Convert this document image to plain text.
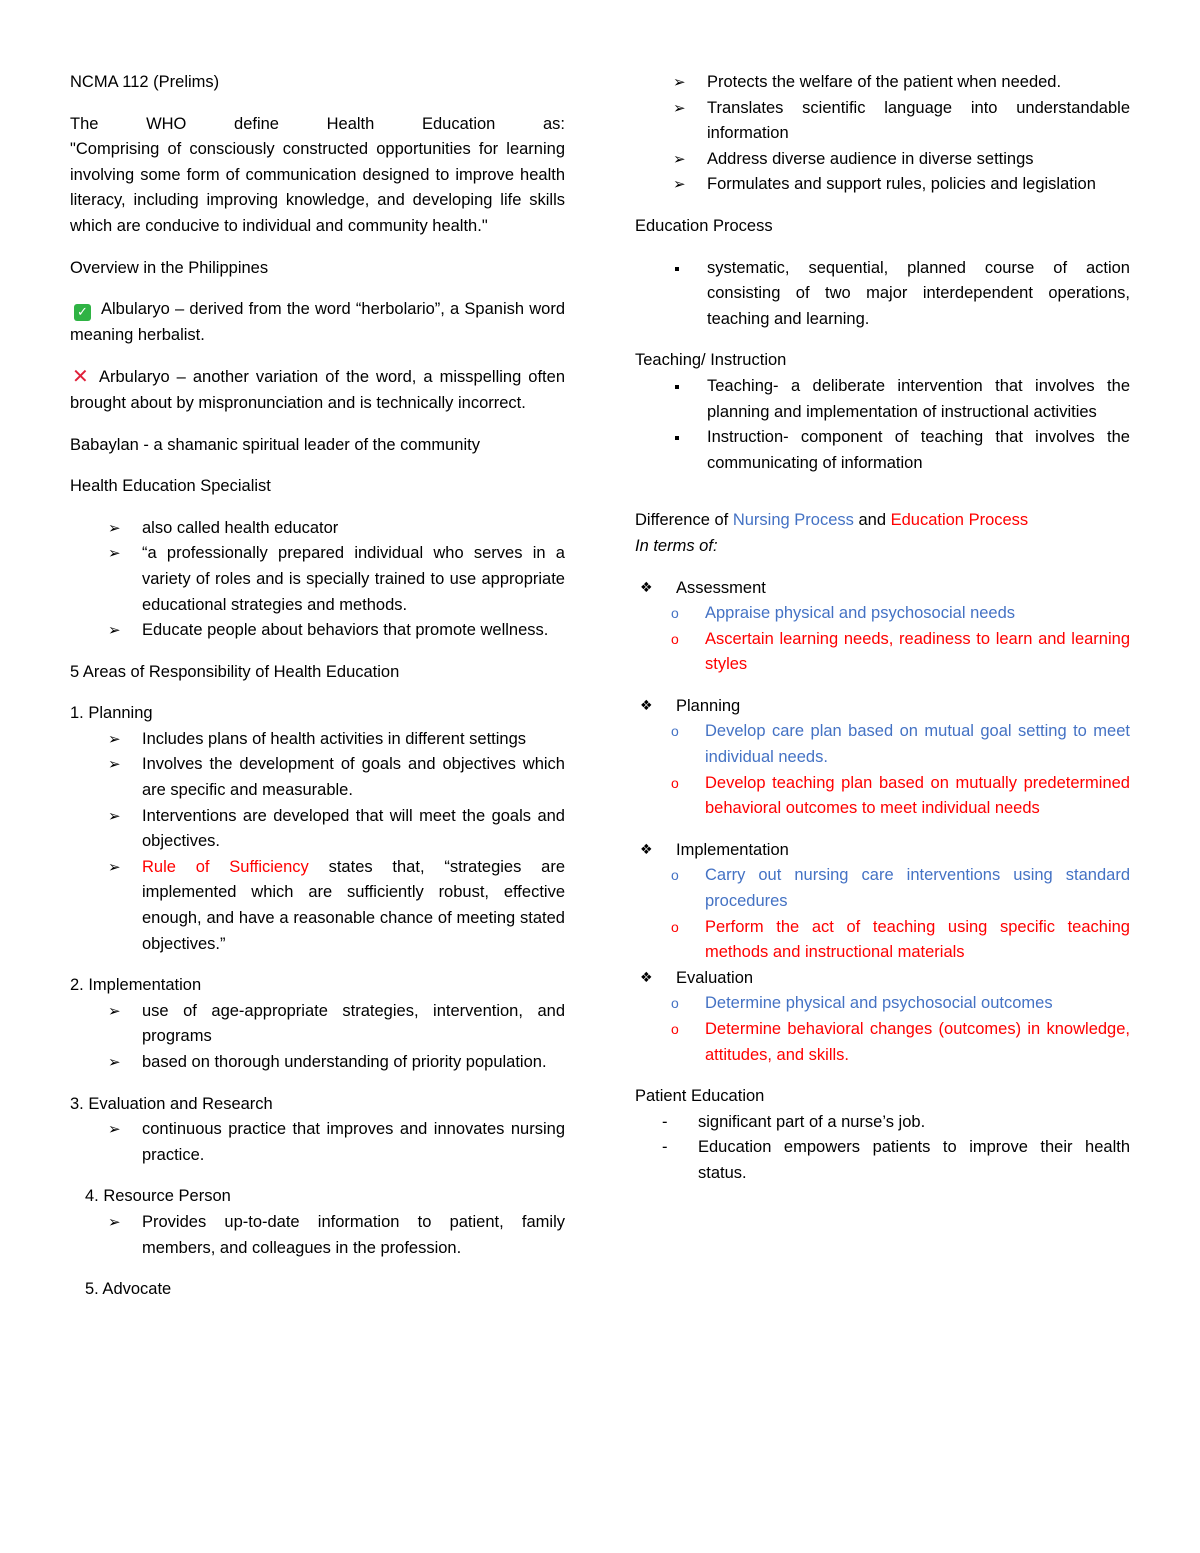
NCMA 112 (Prelims)

The WHO define Health Education as:

"Comprising of consciously constructed opportunities for learning involving some form of communication designed to improve health literacy, including improving knowledge, and developing life skills which are conducive to individual and community health."

Overview in the Philippines

✓ Albularyo – derived from the word “herbolario”, a Spanish word meaning herbalist.

✕ Arbularyo – another variation of the word, a misspelling often brought about by mispronunciation and is technically incorrect.

Babaylan - a shamanic spiritual leader of the community

Health Education Specialist

➢ also called health educator
➢ “a professionally prepared individual who serves in a variety of roles and is specially trained to use appropriate educational strategies and methods.
➢ Educate people about behaviors that promote wellness.

5 Areas of Responsibility of Health Education

1. Planning

➢ Includes plans of health activities in different settings
➢ Involves the development of goals and objectives which are specific and measurable.
➢ Interventions are developed that will meet the goals and objectives.
➢ Rule of Sufficiency states that, “strategies are implemented which are sufficiently robust, effective enough, and have a reasonable chance of meeting stated objectives.”

2. Implementation

➢ use of age-appropriate strategies, intervention, and programs
➢ based on thorough understanding of priority population.

3. Evaluation and Research

➢ continuous practice that improves and innovates nursing practice.

4. Resource Person

➢ Provides up-to-date information to patient, family members, and colleagues in the profession.

5. Advocate

➢ Protects the welfare of the patient when needed.
➢ Translates scientific language into understandable information
➢ Address diverse audience in diverse settings
➢ Formulates and support rules, policies and legislation

Education Process

systematic, sequential, planned course of action consisting of two major interdependent operations, teaching and learning.

Teaching/ Instruction

Teaching- a deliberate intervention that involves the planning and implementation of instructional activities
Instruction- component of teaching that involves the communicating of information

Difference of Nursing Process and Education Process

In terms of:

❖ Assessment
o Appraise physical and psychosocial needs
o Ascertain learning needs, readiness to learn and learning styles
❖ Planning
o Develop care plan based on mutual goal setting to meet individual needs.
o Develop teaching plan based on mutually predetermined behavioral outcomes to meet individual needs
❖ Implementation
o Carry out nursing care interventions using standard procedures
o Perform the act of teaching using specific teaching methods and instructional materials
❖ Evaluation
o Determine physical and psychosocial outcomes
o Determine behavioral changes (outcomes) in knowledge, attitudes, and skills.

Patient Education

- significant part of a nurse’s job.
- Education empowers patients to improve their health status.
